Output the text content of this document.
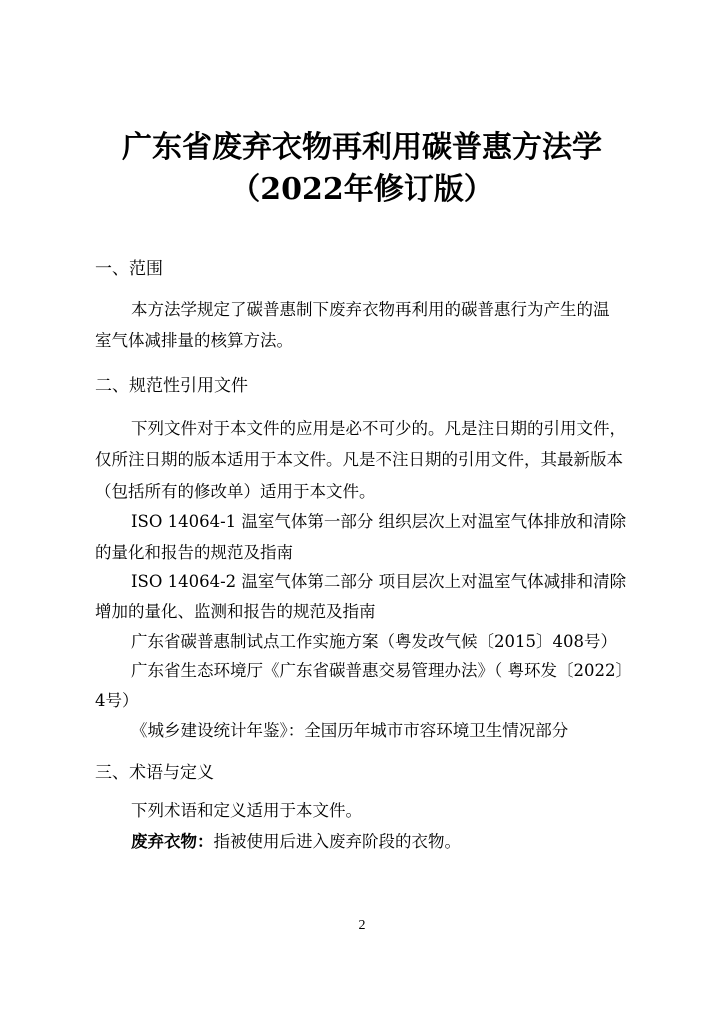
广东省废弃衣物再利用碳普惠方法学
（2022年修订版）
一、范围
本方法学规定了碳普惠制下废弃衣物再利用的碳普惠行为产生的温
室气体减排量的核算方法。
二、规范性引用文件
下列文件对于本文件的应用是必不可少的。凡是注日期的引用文件，
仅所注日期的版本适用于本文件。凡是不注日期的引用文件，其最新版本
（包括所有的修改单）适用于本文件。
ISO 14064-1 温室气体第一部分 组织层次上对温室气体排放和清除
的量化和报告的规范及指南
ISO 14064-2 温室气体第二部分 项目层次上对温室气体减排和清除
增加的量化、监测和报告的规范及指南
广东省碳普惠制试点工作实施方案（粤发改气候〔2015〕408号）
广东省生态环境厅《广东省碳普惠交易管理办法》（ 粤环发〔2022〕
4号）
《城乡建设统计年鉴》：全国历年城市市容环境卫生情况部分
三、术语与定义
下列术语和定义适用于本文件。
废弃衣物：指被使用后进入废弃阶段的衣物。
2
